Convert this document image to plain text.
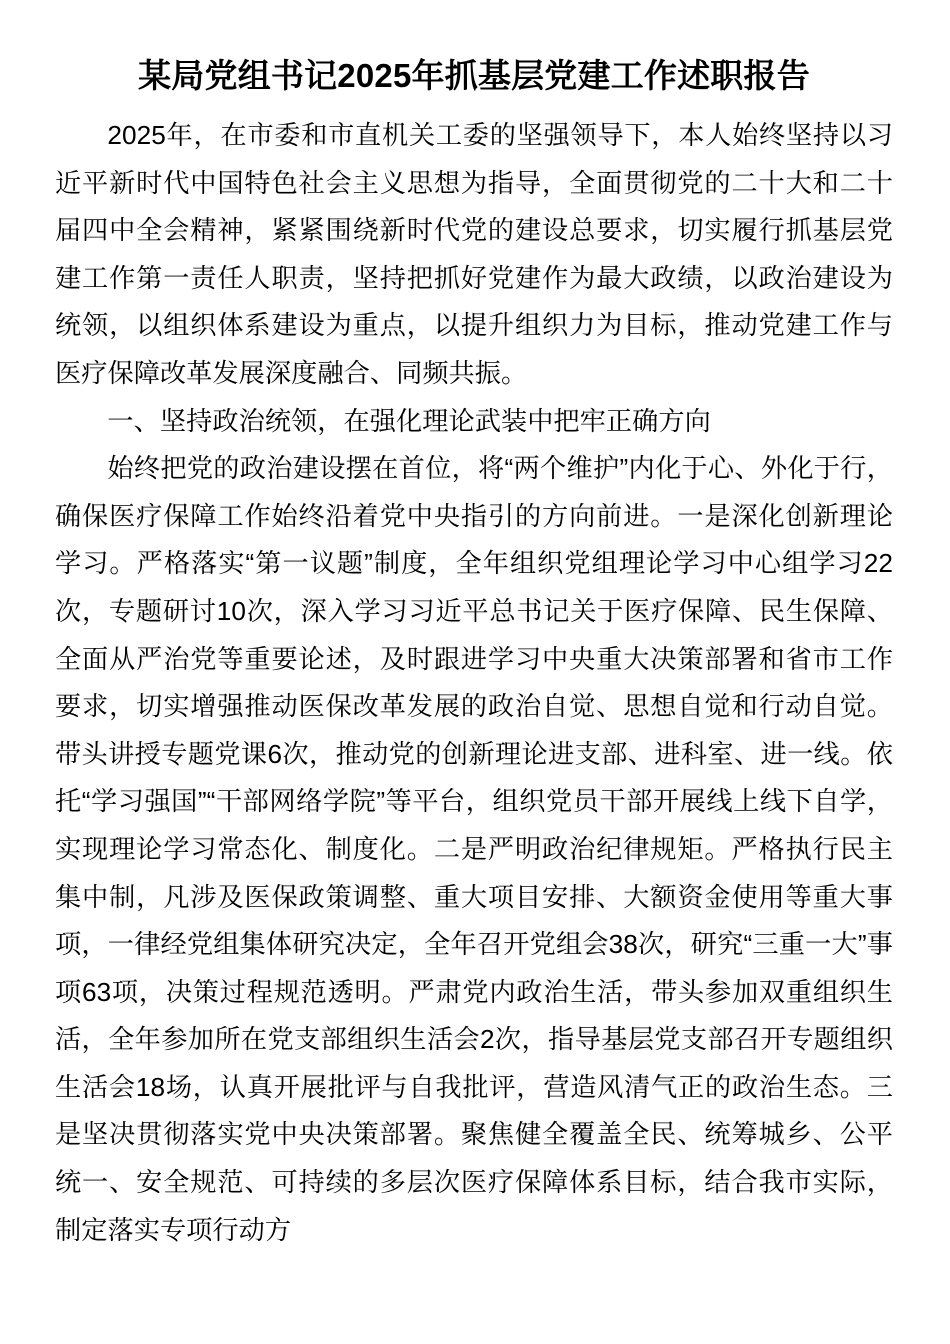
某局党组书记2025年抓基层党建工作述职报告

2025年，在市委和市直机关工委的坚强领导下，本人始终坚持以习近平新时代中国特色社会主义思想为指导，全面贯彻党的二十大和二十届四中全会精神，紧紧围绕新时代党的建设总要求，切实履行抓基层党建工作第一责任人职责，坚持把抓好党建作为最大政绩，以政治建设为统领，以组织体系建设为重点，以提升组织力为目标，推动党建工作与医疗保障改革发展深度融合、同频共振。

一、坚持政治统领，在强化理论武装中把牢正确方向

始终把党的政治建设摆在首位，将“两个维护”内化于心、外化于行，确保医疗保障工作始终沿着党中央指引的方向前进。一是深化创新理论学习。严格落实“第一议题”制度，全年组织党组理论学习中心组学习22次，专题研讨10次，深入学习习近平总书记关于医疗保障、民生保障、全面从严治党等重要论述，及时跟进学习中央重大决策部署和省市工作要求，切实增强推动医保改革发展的政治自觉、思想自觉和行动自觉。带头讲授专题党课6次，推动党的创新理论进支部、进科室、进一线。依托“学习强国”“干部网络学院”等平台，组织党员干部开展线上线下自学，实现理论学习常态化、制度化。二是严明政治纪律规矩。严格执行民主集中制，凡涉及医保政策调整、重大项目安排、大额资金使用等重大事项，一律经党组集体研究决定，全年召开党组会38次，研究“三重一大”事项63项，决策过程规范透明。严肃党内政治生活，带头参加双重组织生活，全年参加所在党支部组织生活会2次，指导基层党支部召开专题组织生活会18场，认真开展批评与自我批评，营造风清气正的政治生态。三是坚决贯彻落实党中央决策部署。聚焦健全覆盖全民、统筹城乡、公平统一、安全规范、可持续的多层次医疗保障体系目标，结合我市实际，制定落实专项行动方
